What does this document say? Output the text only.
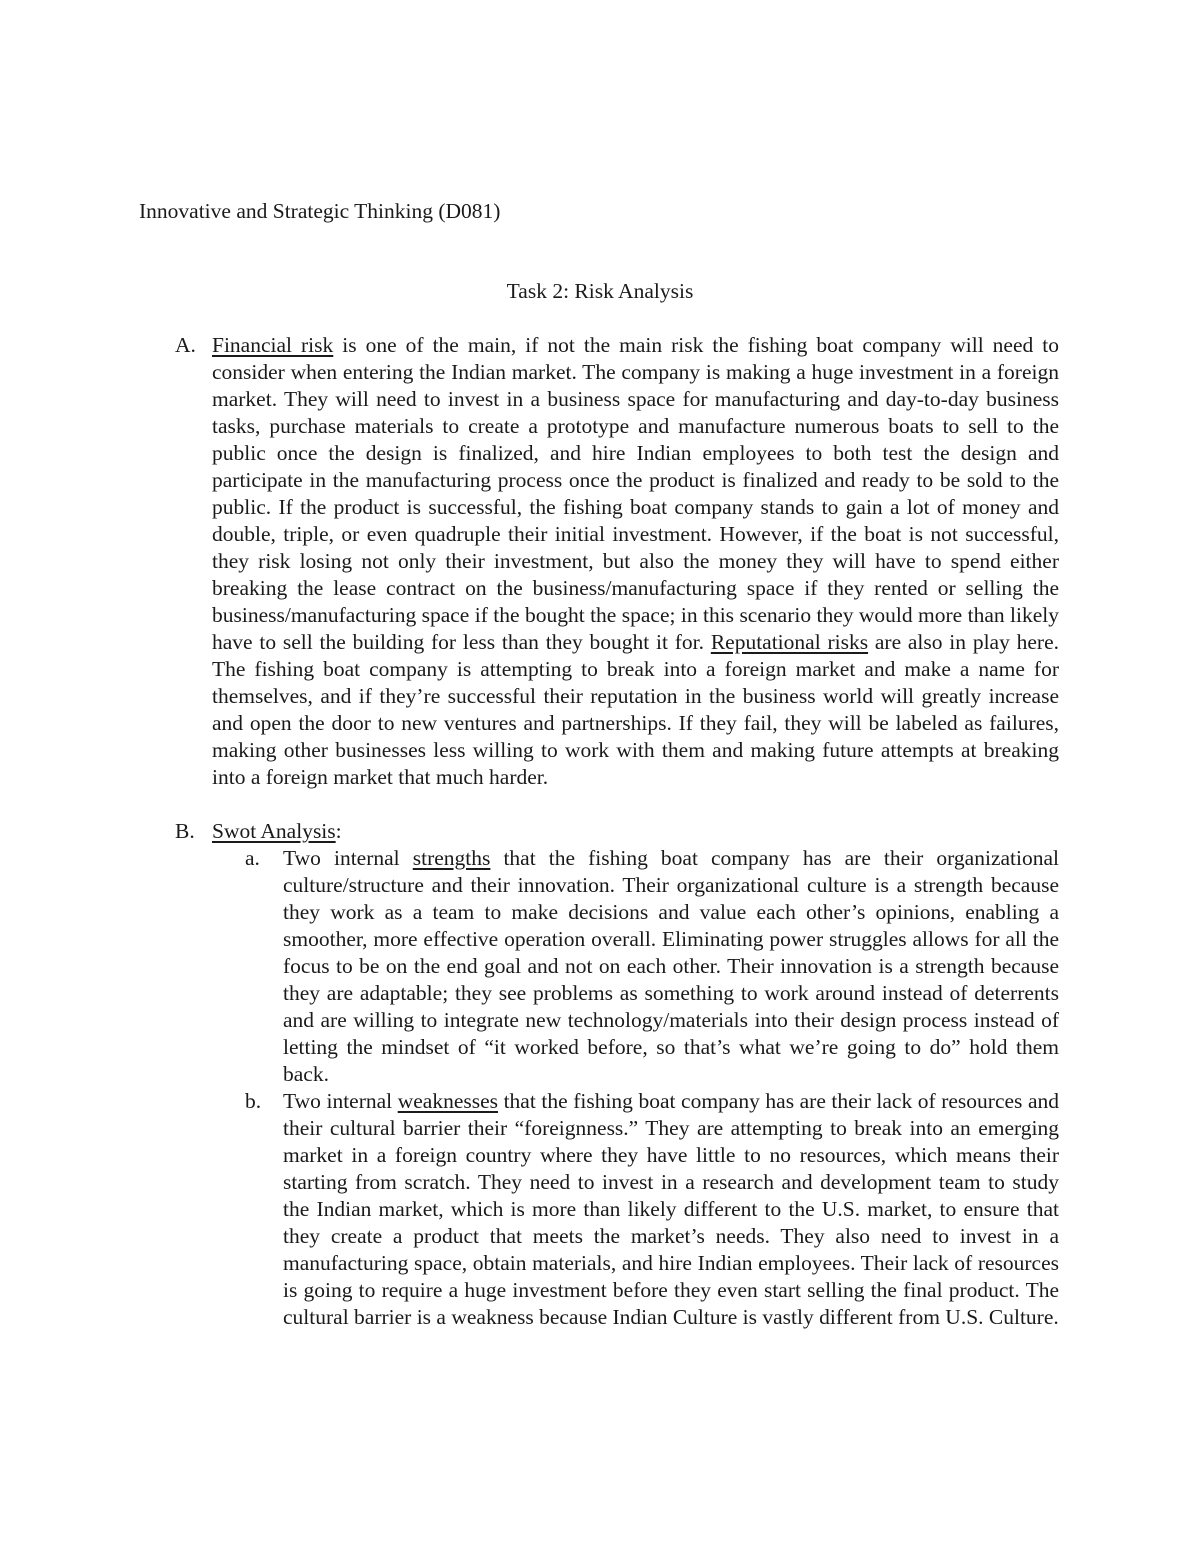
Innovative and Strategic Thinking (D081)

Task 2: Risk Analysis

A. Financial risk is one of the main, if not the main risk the fishing boat company will need to consider when entering the Indian market. The company is making a huge investment in a foreign market. They will need to invest in a business space for manufacturing and day-to-day business tasks, purchase materials to create a prototype and manufacture numerous boats to sell to the public once the design is finalized, and hire Indian employees to both test the design and participate in the manufacturing process once the product is finalized and ready to be sold to the public. If the product is successful, the fishing boat company stands to gain a lot of money and double, triple, or even quadruple their initial investment. However, if the boat is not successful, they risk losing not only their investment, but also the money they will have to spend either breaking the lease contract on the business/manufacturing space if they rented or selling the business/manufacturing space if the bought the space; in this scenario they would more than likely have to sell the building for less than they bought it for. Reputational risks are also in play here. The fishing boat company is attempting to break into a foreign market and make a name for themselves, and if they’re successful their reputation in the business world will greatly increase and open the door to new ventures and partnerships. If they fail, they will be labeled as failures, making other businesses less willing to work with them and making future attempts at breaking into a foreign market that much harder.
B. Swot Analysis:
a. Two internal strengths that the fishing boat company has are their organizational culture/structure and their innovation. Their organizational culture is a strength because they work as a team to make decisions and value each other’s opinions, enabling a smoother, more effective operation overall. Eliminating power struggles allows for all the focus to be on the end goal and not on each other. Their innovation is a strength because they are adaptable; they see problems as something to work around instead of deterrents and are willing to integrate new technology/materials into their design process instead of letting the mindset of “it worked before, so that’s what we’re going to do” hold them back.
b. Two internal weaknesses that the fishing boat company has are their lack of resources and their cultural barrier their “foreignness.” They are attempting to break into an emerging market in a foreign country where they have little to no resources, which means their starting from scratch. They need to invest in a research and development team to study the Indian market, which is more than likely different to the U.S. market, to ensure that they create a product that meets the market’s needs. They also need to invest in a manufacturing space, obtain materials, and hire Indian employees. Their lack of resources is going to require a huge investment before they even start selling the final product. The cultural barrier is a weakness because Indian Culture is vastly different from U.S. Culture.
